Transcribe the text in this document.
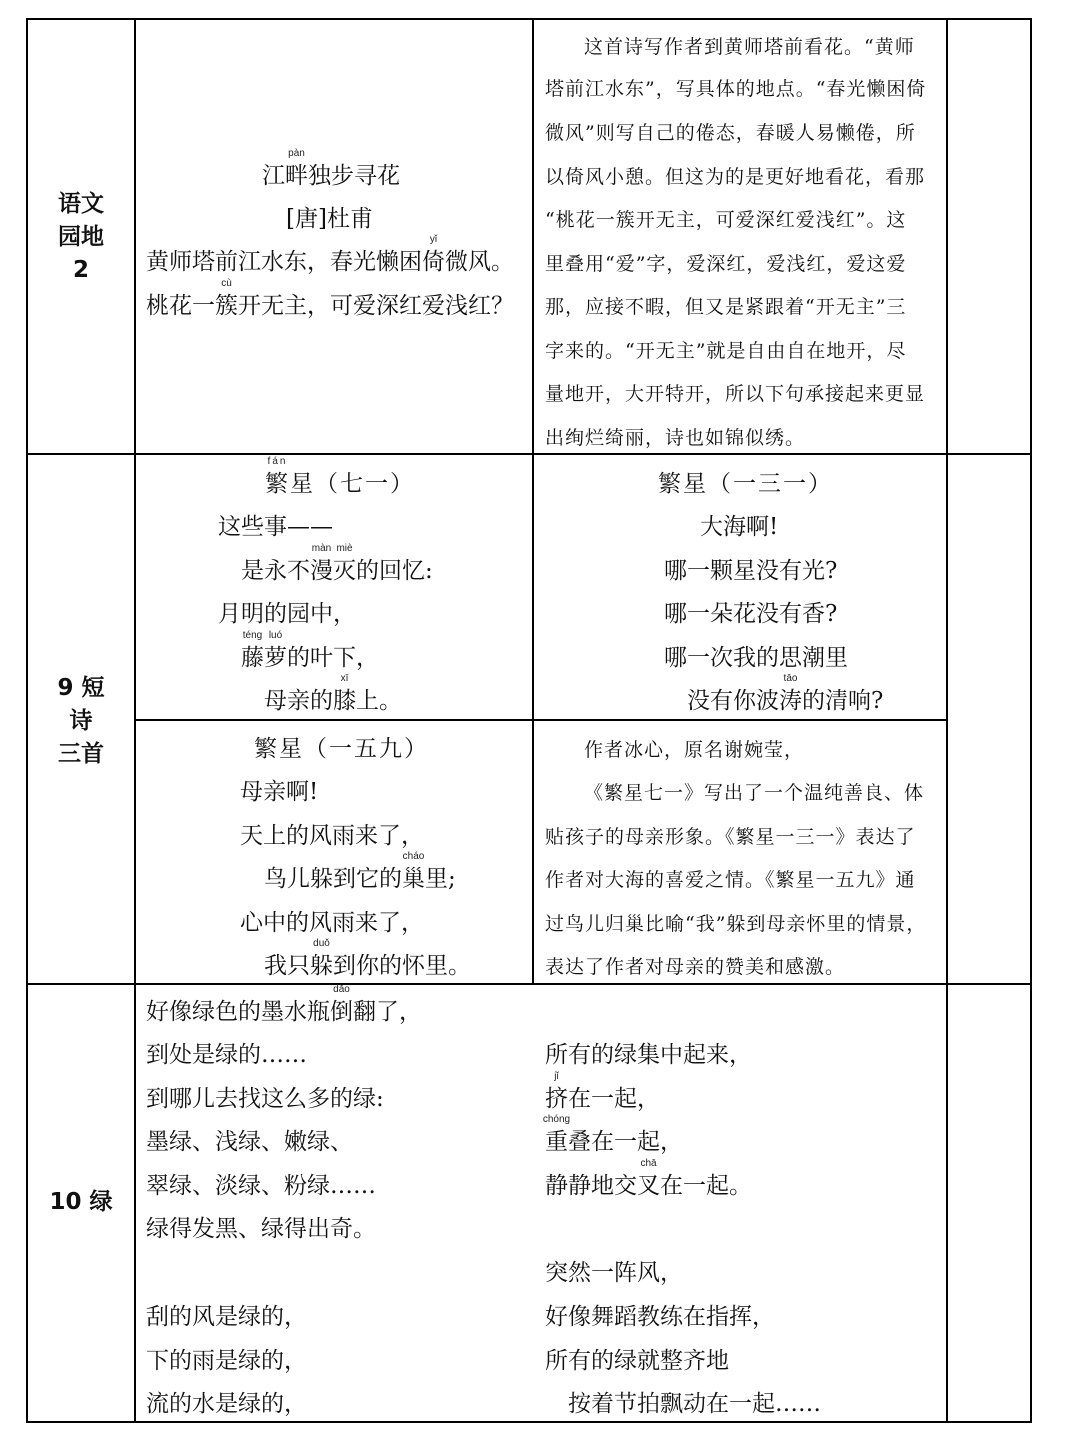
语文
园地
2
9 短
诗
三首
10 绿
江畔
pàn
独步寻花
[唐]杜甫
黄师塔前江水东，春光懒困倚
yǐ
微风。
桃花一簇
cù
开无主，可爱深红爱浅红？
这首诗写作者到黄师塔前看花。“黄师
塔前江水东”，写具体的地点。“春光懒困倚
微风”则写自己的倦态，春暖人易懒倦，所
以倚风小憩。但这为的是更好地看花，看那
“桃花一簇开无主，可爱深红爱浅红”。这
里叠用“爱”字，爱深红，爱浅红，爱这爱
那，应接不暇，但又是紧跟着“开无主”三
字来的。“开无主”就是自由自在地开，尽
量地开，大开特开，所以下句承接起来更显
出绚烂绮丽，诗也如锦似绣。
繁
fán
星（七一）
这些事——
是永不漫
màn
灭
miè
的回忆:
月明的园中，
藤
téng
萝
luó
的叶下，
母亲的膝
xī
上。
繁星（一三一）
大海啊!
哪一颗星没有光?
哪一朵花没有香?
哪一次我的思潮里
没有你波涛
tāo
的清响?
繁星（一五九）
母亲啊!
天上的风雨来了，
鸟儿躲到它的巢
cháo
里;
心中的风雨来了，
我只躲
duǒ
到你的怀里。
作者冰心，原名谢婉莹，
《繁星七一》写出了一个温纯善良、体
贴孩子的母亲形象。《繁星一三一》表达了
作者对大海的喜爱之情。《繁星一五九》通
过鸟儿归巢比喻“我”躲到母亲怀里的情景，
表达了作者对母亲的赞美和感激。
好像绿色的墨水瓶倒
dǎo
翻了，
到处是绿的……
到哪儿去找这么多的绿:
墨绿、浅绿、嫩绿、
翠绿、淡绿、粉绿……
绿得发黑、绿得出奇。
刮的风是绿的，
下的雨是绿的，
流的水是绿的，
所有的绿集中起来，
挤
jǐ
在一起，
重
chóng
叠在一起，
静静地交叉
chā
在一起。
突然一阵风，
好像舞蹈教练在指挥，
所有的绿就整齐地
按着节拍飘动在一起……
